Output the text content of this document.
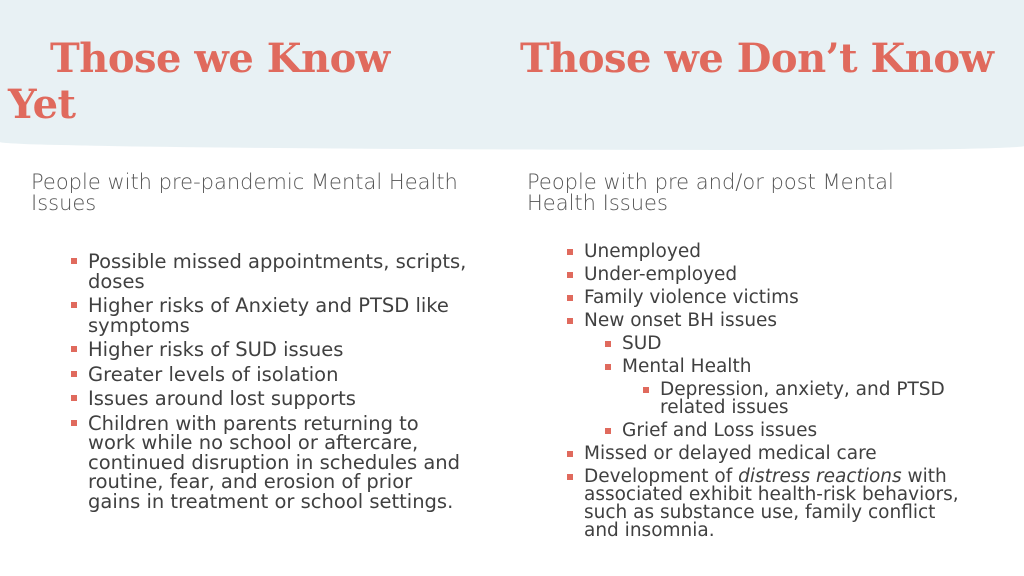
Those we Know Yet
Those we Don’t Know

People with pre-pandemic Mental Health Issues

People with pre and/or post Mental Health Issues

Possible missed appointments, scripts, doses
Higher risks of Anxiety and PTSD like symptoms
Higher risks of SUD issues
Greater levels of isolation
Issues around lost supports
Children with parents returning to work while no school or aftercare, continued disruption in schedules and routine, fear, and erosion of prior gains in treatment or school settings.
Unemployed
Under-employed
Family violence victims
New onset BH issues
SUD
Mental Health
Depression, anxiety, and PTSD related issues
Grief and Loss issues
Missed or delayed medical care
Development of distress reactions with associated exhibit health-risk behaviors, such as substance use, family conflict and insomnia.
